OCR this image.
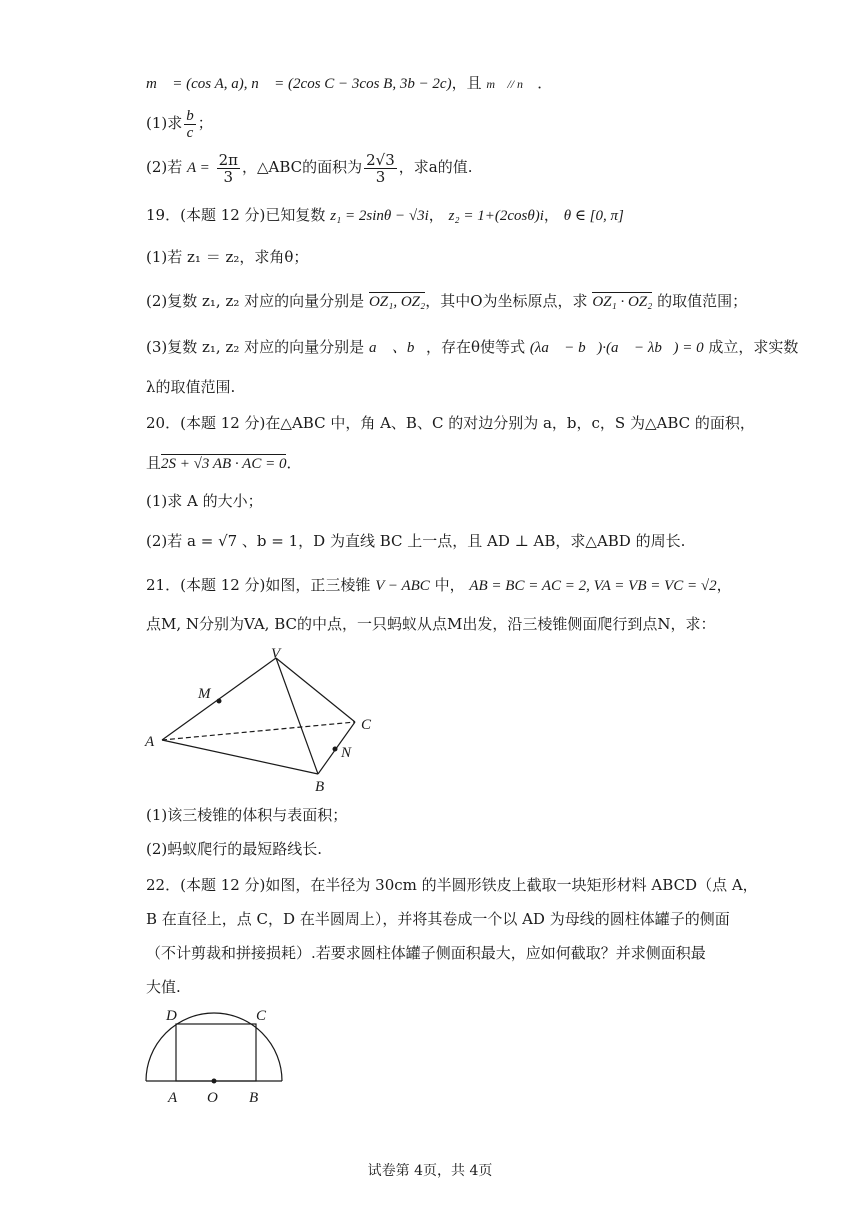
m⃗ = (cos A, a), n⃗ = (2cos C − 3cos B, 3b − 2c)，且 m⃗ // n⃗ ．
(1)求 $\frac{b}{c}$ ；
(2)若 $A = \frac{2\pi}{3}$ ，△ABC的面积为 $\frac{2√3}{3}$ ，求a的值.
19．(本题 12 分)已知复数 z₁ = 2sinθ − √3i， z₂ = 1+(2cosθ)i， θ ∈ [0, π]
(1)若 z₁ ＝ z₂，求角θ；
(2)复数 z₁, z₂ 对应的向量分别是 OZ₁, OZ₂，其中O为坐标原点，求 OZ₁ · OZ₂ 的取值范围；
(3)复数 z₁, z₂ 对应的向量分别是 a⃗ 、b⃗，存在θ使等式 (λa⃗ − b⃗)·(a⃗ − λb⃗) = 0 成立，求实数
λ的取值范围.
20．(本题 12 分)在△ABC 中，角 A、B、C 的对边分别为 a，b，c，S 为△ABC 的面积，
且2S + √3 AB · AC = 0．
(1)求 A 的大小；
(2)若 a = √7 、b = 1，D 为直线 BC 上一点，且 AD ⊥ AB，求△ABD 的周长.
21．(本题 12 分)如图，正三棱锥 V − ABC 中， AB = BC = AC = 2, VA = VB = VC = √2，
点M, N分别为VA, BC的中点，一只蚂蚁从点M出发，沿三棱锥侧面爬行到点N，求：
V
M
A
C
N
B
(1)该三棱锥的体积与表面积；
(2)蚂蚁爬行的最短路线长.
22．(本题 12 分)如图，在半径为 30cm 的半圆形铁皮上截取一块矩形材料 ABCD（点 A，
B 在直径上，点 C，D 在半圆周上），并将其卷成一个以 AD 为母线的圆柱体罐子的侧面
（不计剪裁和拼接损耗）.若要求圆柱体罐子侧面积最大，应如何截取？并求侧面积最
大值.
D	C
A O B
试卷第 4页，共 4页
